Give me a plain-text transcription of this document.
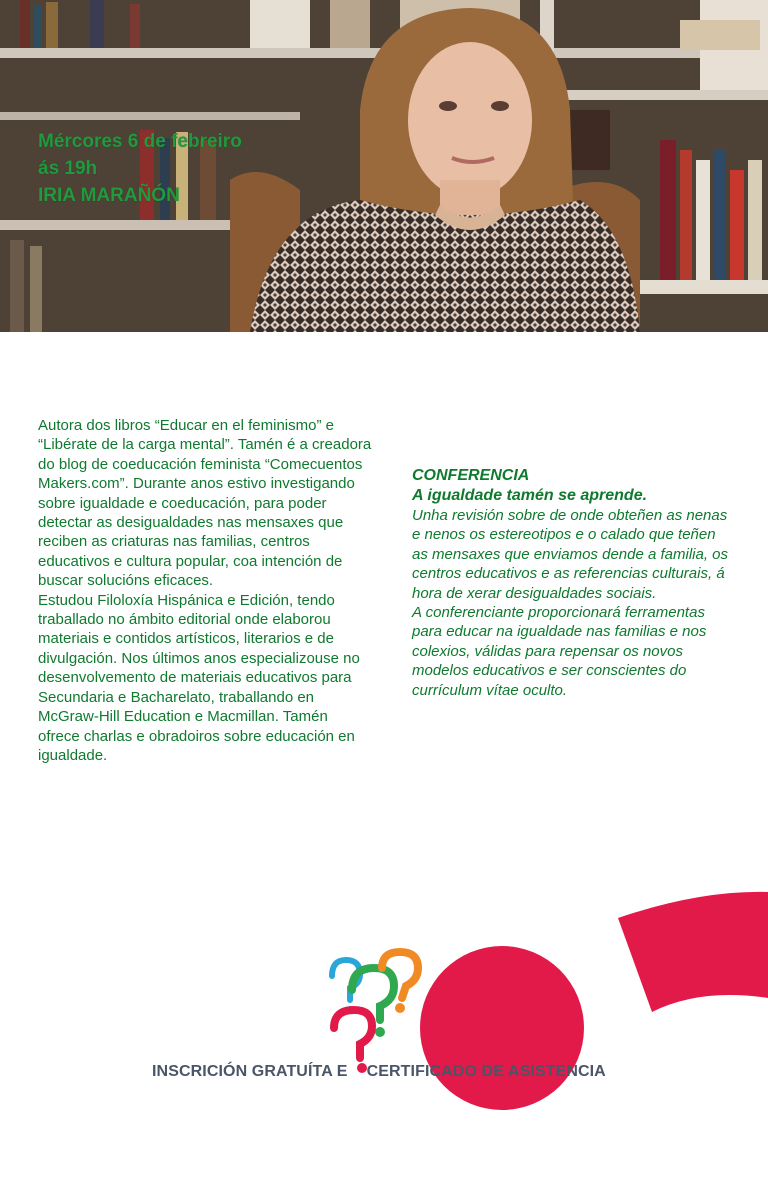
Mércores 6 de febreiro
ás 19h
IRIA MARAÑÓN

Autora dos libros “Educar en el feminismo” e “Libérate de la carga mental”. Tamén é a creadora do blog de coeducación feminista “Comecuentos Makers.com”. Durante anos estivo investigando sobre igualdade e coeducación, para poder detectar as desigualdades nas mensaxes que reciben as criaturas nas familias, centros educativos e cultura popular, coa intención de buscar solucións eficaces.

Estudou Filoloxía Hispánica e Edición, tendo traballado no ámbito editorial onde elaborou materiais e contidos artísticos, literarios e de divulgación. Nos últimos anos especializouse no desenvolvemento de materiais educativos para Secundaria e Bacharelato, traballando en McGraw-Hill Education e Macmillan. Tamén ofrece charlas e obradoiros sobre educación en igualdade.

CONFERENCIA
A igualdade tamén se aprende.

Unha revisión sobre de onde obteñen as nenas e nenos os estereotipos e o calado que teñen as mensaxes que enviamos dende a familia, os centros educativos e as referencias culturais, á hora de xerar desigualdades sociais.

A conferenciante proporcionará ferramentas para educar na igualdade nas familias e nos colexios, válidas para repensar os novos modelos educativos e ser conscientes do currículum vítae oculto.

INSCRICIÓN GRATUÍTA E CERTIFICADO DE ASISTENCIA
